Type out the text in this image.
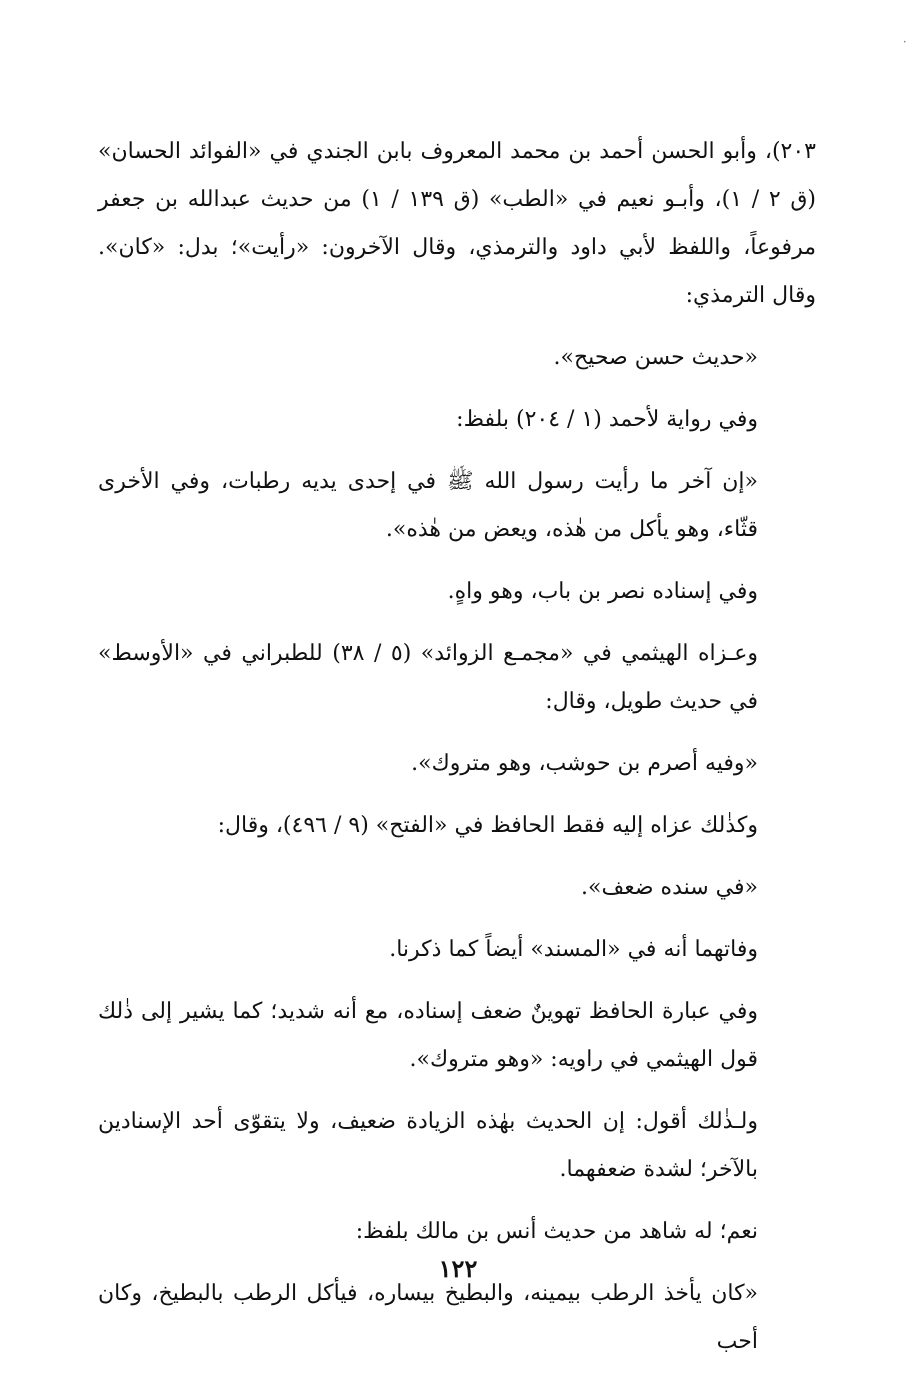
۰

٢٠٣)، وأبو الحسن أحمد بن محمد المعروف بابن الجندي في «الفوائد الحسان» (ق ٢ / ١)، وأبـو نعيم في «الطب» (ق ١٣٩ / ١) من حديث عبدالله بن جعفر مرفوعاً، واللفظ لأبي داود والترمذي، وقال الآخرون: «رأيت»؛ بدل: «كان». وقال الترمذي:

«حديث حسن صحيح».

وفي رواية لأحمد (١ / ٢٠٤) بلفظ:

«إن آخر ما رأيت رسول الله ﷺ في إحدى يديه رطبات، وفي الأخرى قثّاء، وهو يأكل من هٰذه، ويعض من هٰذه».

وفي إسناده نصر بن باب، وهو واهٍ.

وعـزاه الهيثمي في «مجمـع الزوائد» (٥ / ٣٨) للطبراني في «الأوسط» في حديث طويل، وقال:

«وفيه أصرم بن حوشب، وهو متروك».

وكذٰلك عزاه إليه فقط الحافظ في «الفتح» (٩ / ٤٩٦)، وقال:

«في سنده ضعف».

وفاتهما أنه في «المسند» أيضاً كما ذكرنا.

وفي عبارة الحافظ تهوينٌ ضعف إسناده، مع أنه شديد؛ كما يشير إلى ذٰلك قول الهيثمي في راويه: «وهو متروك».

ولـذٰلك أقول: إن الحديث بهٰذه الزيادة ضعيف، ولا يتقوّى أحد الإسنادين بالآخر؛ لشدة ضعفهما.

نعم؛ له شاهد من حديث أنس بن مالك بلفظ:

«كان يأخذ الرطب بيمينه، والبطيخ بيساره، فيأكل الرطب بالبطيخ، وكان أحب

١٢٢
